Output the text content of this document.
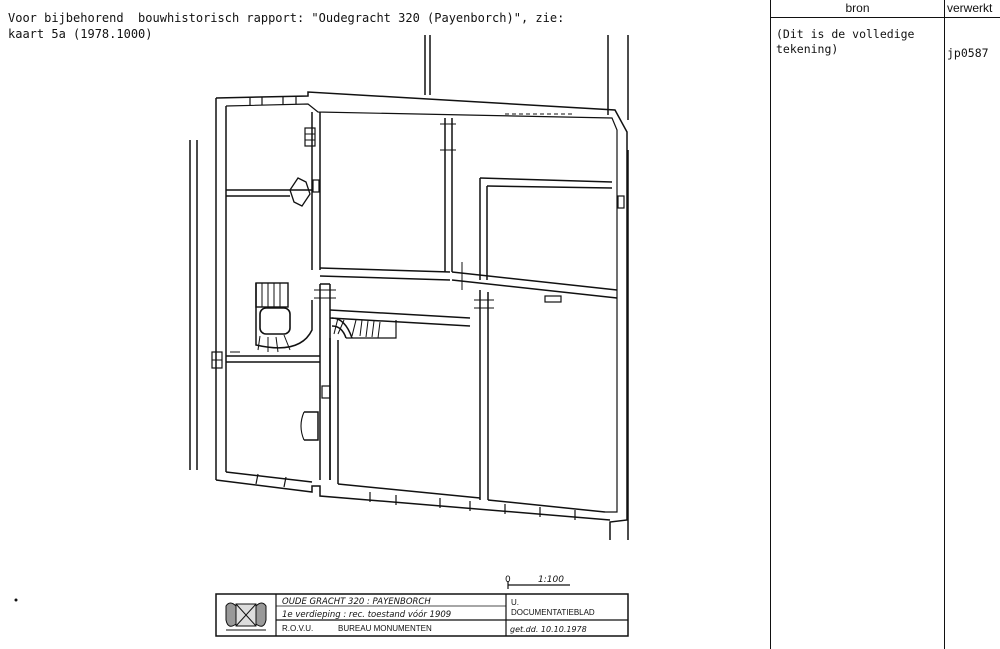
Voor bijbehorend  bouwhistorisch rapport: "Oudegracht 320 (Payenborch)", zie:
kaart 5a (1978.1000)
0	1:100
OUDE GRACHT 320 : PAYENBORCH
1e verdieping : rec. toestand vóór 1909
R.O.V.U.	BUREAU MONUMENTEN
U.
DOCUMENTATIEBLAD
get.dd. 10.10.1978
bron	verwerkt
(Dit is de volledige
tekening)	jp0587
